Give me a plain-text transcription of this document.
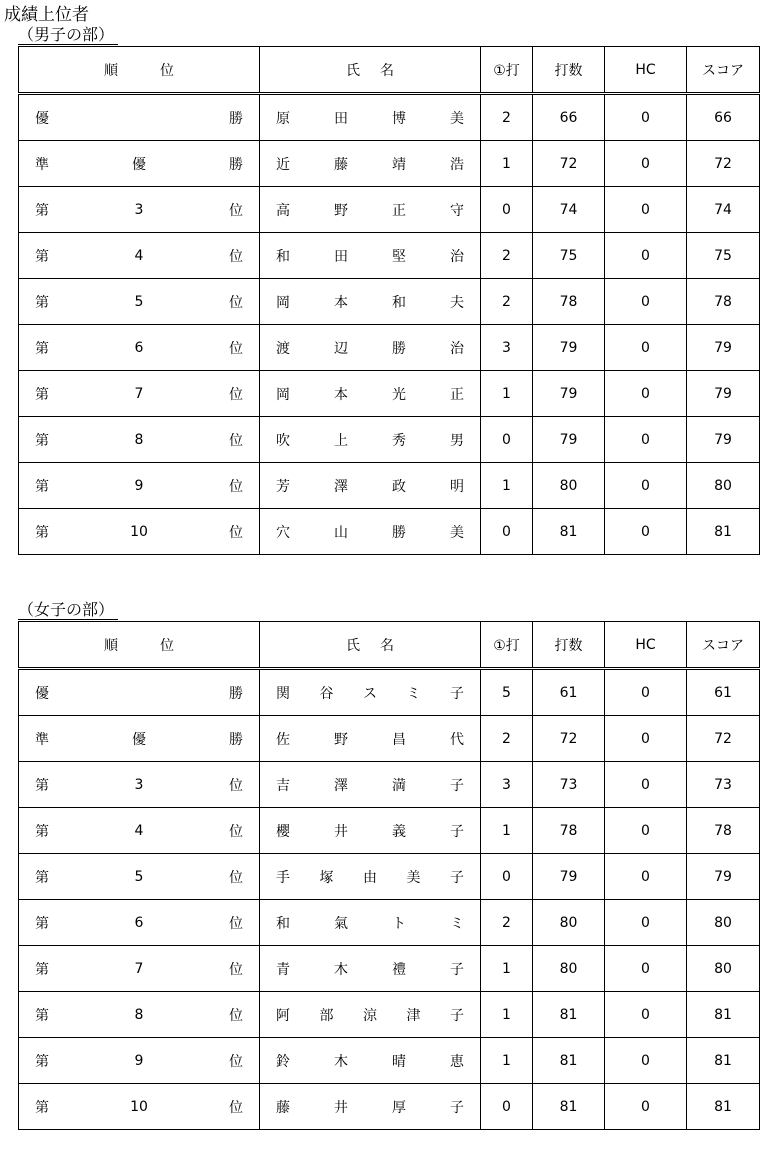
成績上位者
（男子の部）
順 位	氏 名	①打	打数	HC	スコア

優 勝	原 田 博 美	2	66	0	66

準 優 勝	近 藤 靖 浩	1	72	0	72

第 3 位	高 野 正 守	0	74	0	74

第 4 位	和 田 堅 治	2	75	0	75

第 5 位	岡 本 和 夫	2	78	0	78

第 6 位	渡 辺 勝 治	3	79	0	79

第 7 位	岡 本 光 正	1	79	0	79

第 8 位	吹 上 秀 男	0	79	0	79

第 9 位	芳 澤 政 明	1	80	0	80

第 10 位	穴 山 勝 美	0	81	0	81
（女子の部）
順 位	氏 名	①打	打数	HC	スコア

優 勝	関 谷 ス ミ 子	5	61	0	61

準 優 勝	佐 野 昌 代	2	72	0	72

第 3 位	吉 澤 満 子	3	73	0	73

第 4 位	櫻 井 義 子	1	78	0	78

第 5 位	手 塚 由 美 子	0	79	0	79

第 6 位	和 氣 ト ミ	2	80	0	80

第 7 位	青 木 禮 子	1	80	0	80

第 8 位	阿 部 涼 津 子	1	81	0	81

第 9 位	鈴 木 晴 恵	1	81	0	81

第 10 位	藤 井 厚 子	0	81	0	81
